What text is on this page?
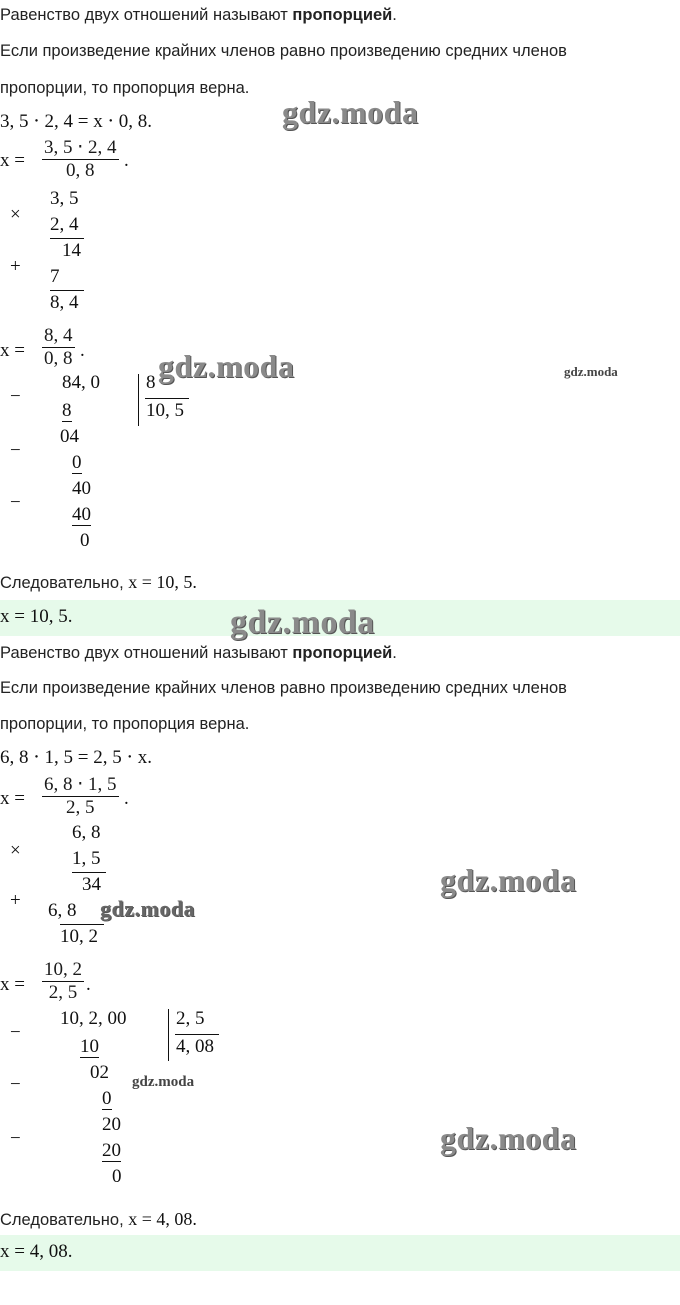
Равенство двух отношений называют пропорцией.
Если произведение крайних членов равно произведению средних членов
пропорции, то пропорция верна.
3, 5 ⋅ 2, 4 = x ⋅ 0, 8.
$x = \frac{3, 5 \cdot 2, 4}{0, 8}$ .
×
3, 5
2, 4
14
+ 7
8, 4
$x = \frac{8, 4}{0, 8}$ .
−
84, 0 8
10, 5
8
04
−
0
40
−
40
0
Следовательно, x = 10, 5.
x = 10, 5.
gdz.moda
gdz.moda	gdz.moda
gdz.moda
Равенство двух отношений называют пропорцией.
Если произведение крайних членов равно произведению средних членов
пропорции, то пропорция верна.
6, 8 ⋅ 1, 5 = 2, 5 ⋅ x.
$x = \frac{6, 8 \cdot 1, 5}{2, 5}$ .
×
6, 8
1, 5
34
+ 6, 8
10, 2
$x = \frac{10, 2}{2, 5}$ .
−
10, 2, 00	2, 5
4, 08
10
02
−
0
20
−
20
0
Следовательно, x = 4, 08.
x = 4, 08.
gdz.moda
gdz.moda
gdz.moda
gdz.moda
